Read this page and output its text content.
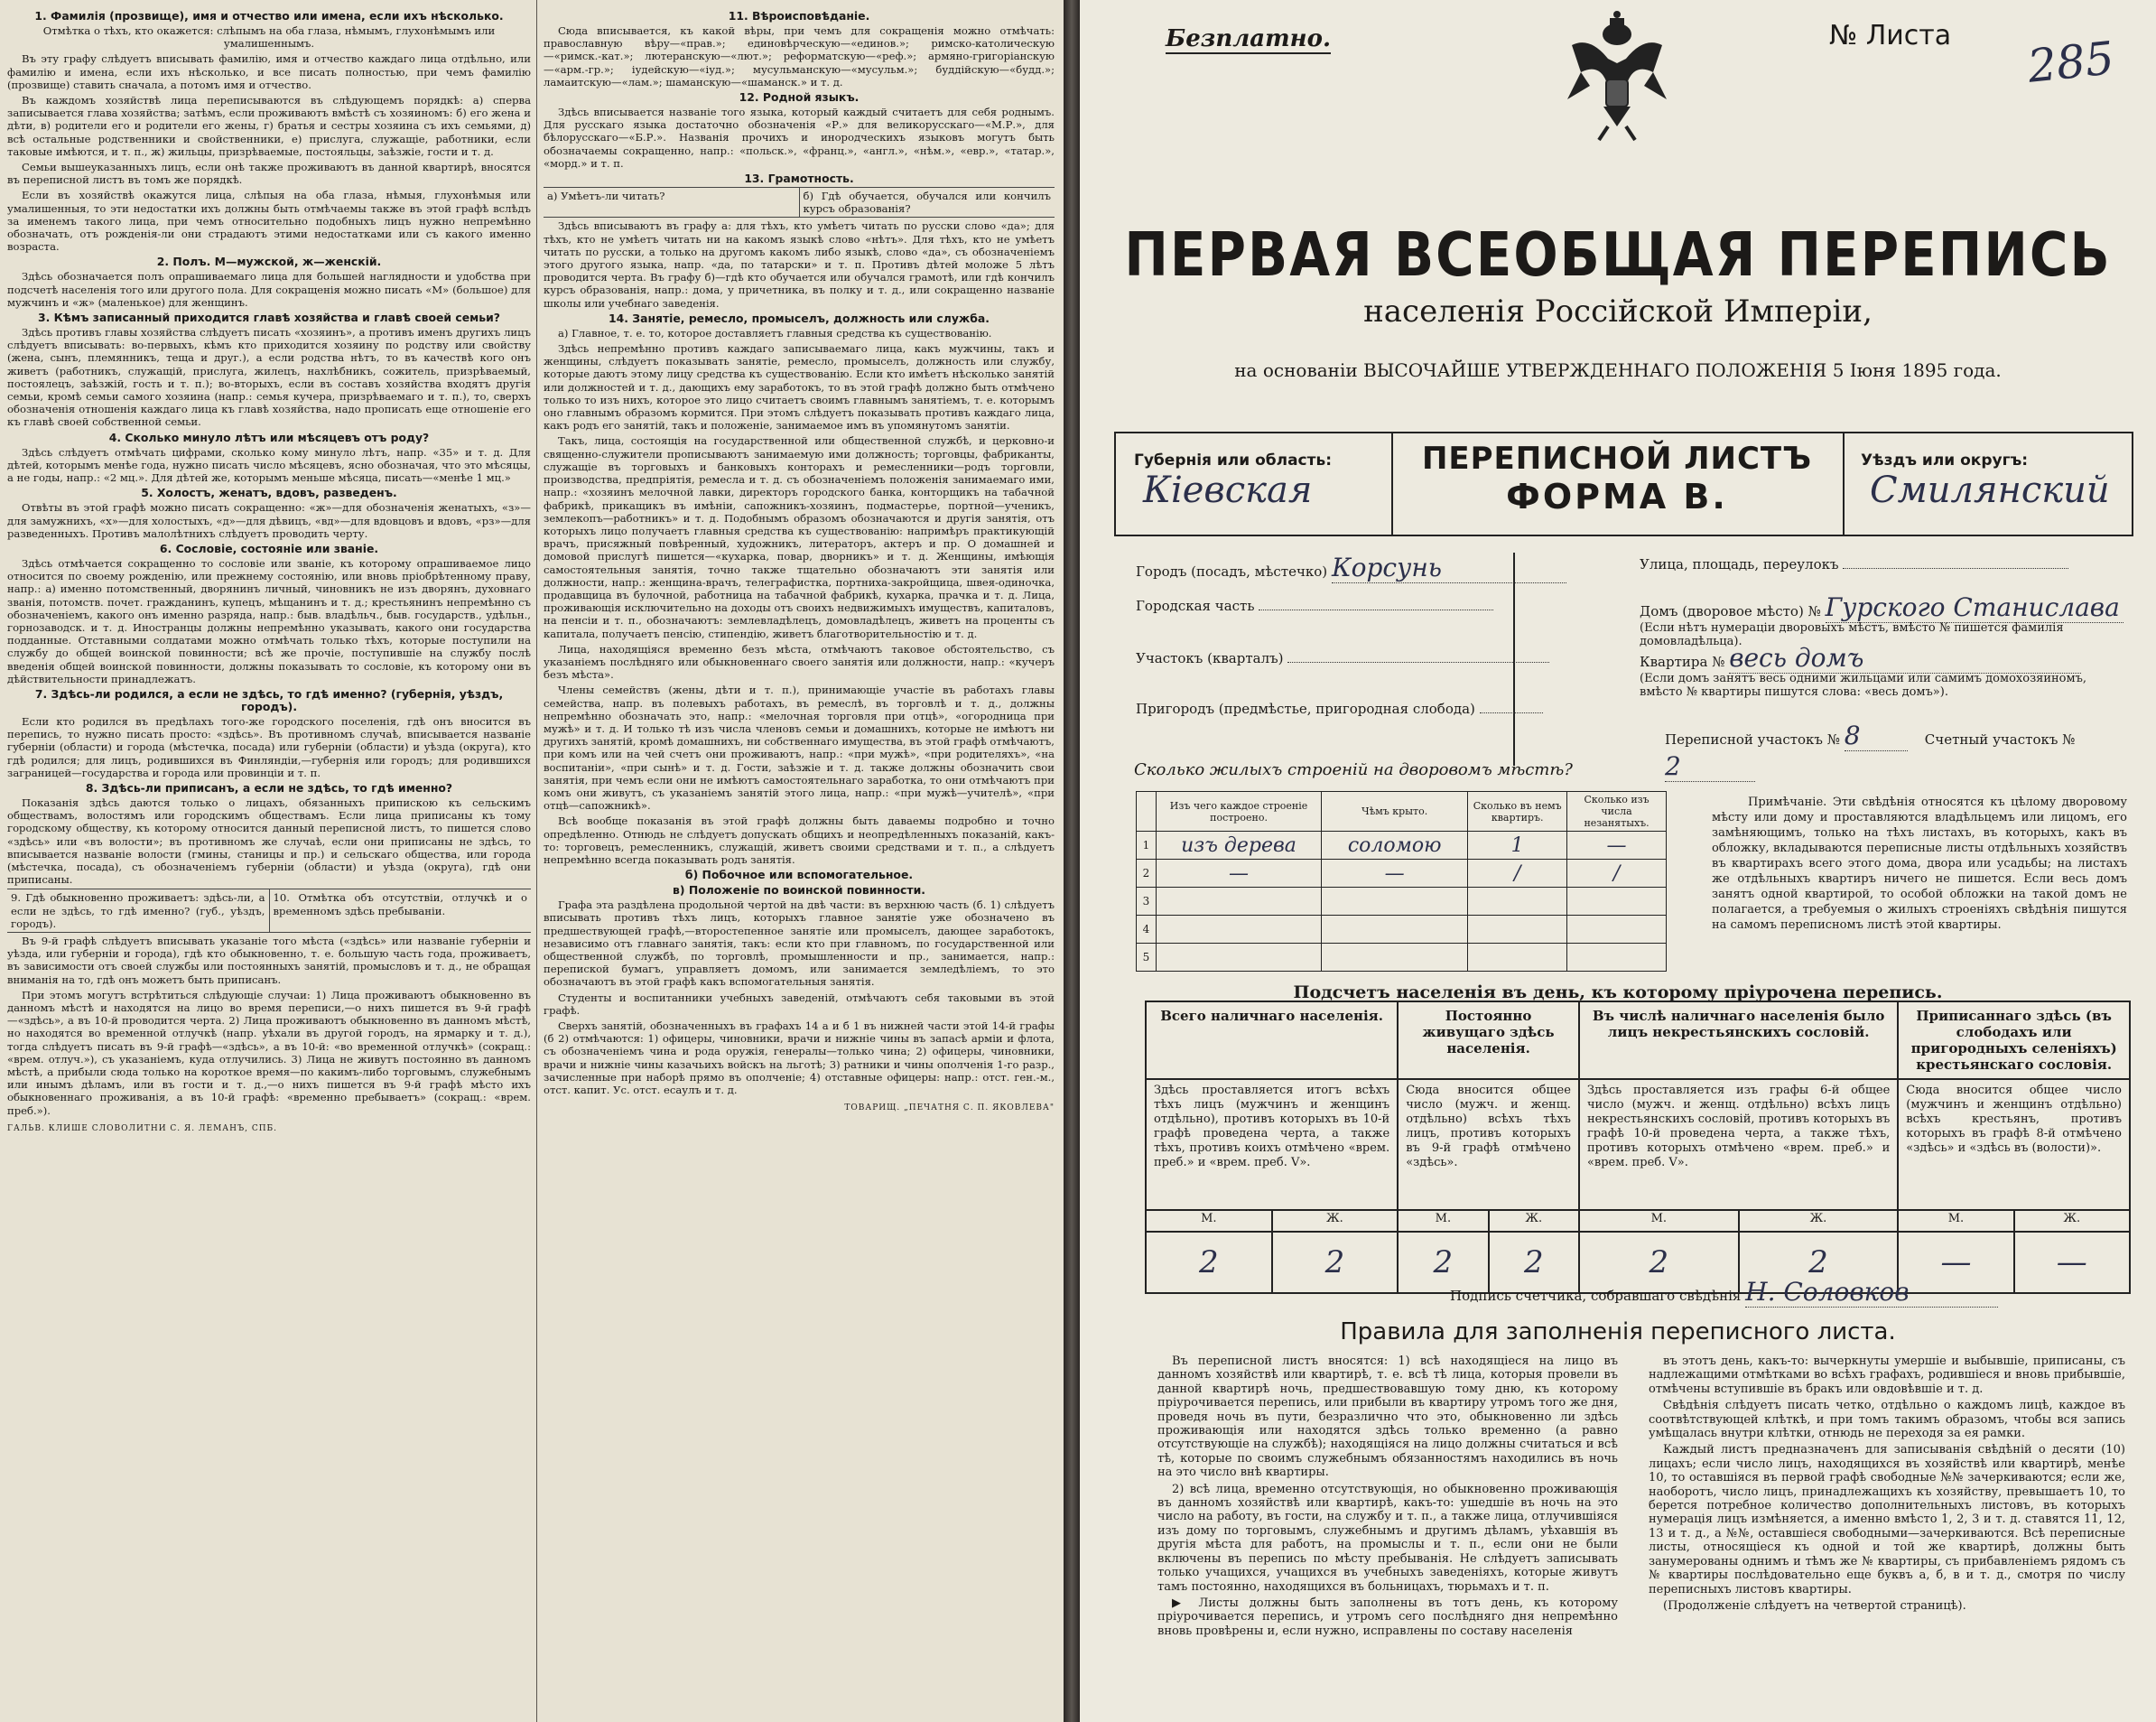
1. Фамилія (прозвище), имя и отчество или имена, если ихъ нѣсколько.
Отмѣтка о тѣхъ, кто окажется: слѣпымъ на оба глаза, нѣмымъ, глухонѣмымъ или умалишеннымъ.

Въ эту графу слѣдуетъ вписывать фамилію, имя и отчество каждаго лица отдѣльно, или фамилію и имена, если ихъ нѣсколько, и все писать полностью, при чемъ фамилію (прозвище) ставить сначала, а потомъ имя и отчество.

Въ каждомъ хозяйствѣ лица переписываются въ слѣдующемъ порядкѣ: а) сперва записывается глава хозяйства; затѣмъ, если проживаютъ вмѣстѣ съ хозяиномъ: б) его жена и дѣти, в) родители его и родители его жены, г) братья и сестры хозяина съ ихъ семьями, д) всѣ остальные родственники и свойственники, е) прислуга, служащіе, работники, если таковые имѣются, и т. п., ж) жильцы, призрѣваемые, постояльцы, заѣзжіе, гости и т. д.

Семьи вышеуказанныхъ лицъ, если онѣ также проживаютъ въ данной квартирѣ, вносятся въ переписной листъ въ томъ же порядкѣ.

Если въ хозяйствѣ окажутся лица, слѣпыя на оба глаза, нѣмыя, глухонѣмыя или умалишенныя, то эти недостатки ихъ должны быть отмѣчаемы также въ этой графѣ вслѣдъ за именемъ такого лица, при чемъ относительно подобныхъ лицъ нужно непремѣнно обозначать, отъ рожденія-ли они страдаютъ этими недостатками или съ какого именно возраста.

2. Полъ. М—мужской, ж—женскій.

Здѣсь обозначается полъ опрашиваемаго лица для большей наглядности и удобства при подсчетѣ населенія того или другого пола. Для сокращенія можно писать «М» (большое) для мужчинъ и «ж» (маленькое) для женщинъ.

3. Кѣмъ записанный приходится главѣ хозяйства и главѣ своей семьи?

Здѣсь противъ главы хозяйства слѣдуетъ писать «хозяинъ», а противъ именъ другихъ лицъ слѣдуетъ вписывать: во-первыхъ, кѣмъ кто приходится хозяину по родству или свойству (жена, сынъ, племянникъ, теща и друг.), а если родства нѣтъ, то въ качествѣ кого онъ живетъ (работникъ, служащій, прислуга, жилецъ, нахлѣбникъ, сожитель, призрѣваемый, постоялецъ, заѣзжій, гость и т. п.); во-вторыхъ, если въ составъ хозяйства входятъ другія семьи, кромѣ семьи самого хозяина (напр.: семья кучера, призрѣваемаго и т. п.), то, сверхъ обозначенія отношенія каждаго лица къ главѣ хозяйства, надо прописать еще отношеніе его къ главѣ своей собственной семьи.

4. Сколько минуло лѣтъ или мѣсяцевъ отъ роду?

Здѣсь слѣдуетъ отмѣчать цифрами, сколько кому минуло лѣтъ, напр. «35» и т. д. Для дѣтей, которымъ менѣе года, нужно писать число мѣсяцевъ, ясно обозначая, что это мѣсяцы, а не годы, напр.: «2 мц.». Для дѣтей же, которымъ меньше мѣсяца, писать—«менѣе 1 мц.»

5. Холостъ, женатъ, вдовъ, разведенъ.

Отвѣты въ этой графѣ можно писать сокращенно: «ж»—для обозначенія женатыхъ, «з»—для замужнихъ, «х»—для холостыхъ, «д»—для дѣвицъ, «вд»—для вдовцовъ и вдовъ, «рз»—для разведенныхъ. Противъ малолѣтнихъ слѣдуетъ проводить черту.

6. Сословіе, состояніе или званіе.

Здѣсь отмѣчается сокращенно то сословіе или званіе, къ которому опрашиваемое лицо относится по своему рожденію, или прежнему состоянію, или вновь пріобрѣтенному праву, напр.: а) именно потомственный, дворянинъ личный, чиновникъ не изъ дворянъ, духовнаго званія, потомств. почет. гражданинъ, купецъ, мѣщанинъ и т. д.; крестьянинъ непремѣнно съ обозначеніемъ, какого онъ именно разряда, напр.: быв. владѣльч., быв. государств., удѣльн., горнозаводск. и т. д. Иностранцы должны непремѣнно указывать, какого они государства подданные. Отставными солдатами можно отмѣчать только тѣхъ, которые поступили на службу до общей воинской повинности; всѣ же прочіе, поступившіе на службу послѣ введенія общей воинской повинности, должны показывать то сословіе, къ которому они въ дѣйствительности принадлежатъ.

7. Здѣсь-ли родился, а если не здѣсь, то гдѣ именно? (губернія, уѣздъ, городъ).

Если кто родился въ предѣлахъ того-же городского поселенія, гдѣ онъ вносится въ перепись, то нужно писать просто: «здѣсь». Въ противномъ случаѣ, вписывается названіе губерніи (области) и города (мѣстечка, посада) или губерніи (области) и уѣзда (округа), кто гдѣ родился; для лицъ, родившихся въ Финляндіи,—губернія или городъ; для родившихся заграницей—государства и города или провинціи и т. п.

8. Здѣсь-ли приписанъ, а если не здѣсь, то гдѣ именно?

Показанія здѣсь даются только о лицахъ, обязанныхъ припискою къ сельскимъ обществамъ, волостямъ или городскимъ обществамъ. Если лица приписаны къ тому городскому обществу, къ которому относится данный переписной листъ, то пишется слово «здѣсь» или «въ волости»; въ противномъ же случаѣ, если они приписаны не здѣсь, то вписывается названіе волости (гмины, станицы и пр.) и сельскаго общества, или города (мѣстечка, посада), съ обозначеніемъ губерніи (области) и уѣзда (округа), гдѣ они приписаны.

9. Гдѣ обыкновенно проживаетъ: здѣсь-ли, а если не здѣсь, то гдѣ именно? (губ., уѣздъ, городъ).
10. Отмѣтка объ отсутствіи, отлучкѣ и о временномъ здѣсь пребываніи.

Въ 9-й графѣ слѣдуетъ вписывать указаніе того мѣста («здѣсь» или названіе губерніи и уѣзда, или губерніи и города), гдѣ кто обыкновенно, т. е. большую часть года, проживаетъ, въ зависимости отъ своей службы или постоянныхъ занятій, промысловъ и т. д., не обращая вниманія на то, гдѣ онъ можетъ быть приписанъ.

При этомъ могутъ встрѣтиться слѣдующіе случаи: 1) Лица проживаютъ обыкновенно въ данномъ мѣстѣ и находятся на лицо во время переписи,—о нихъ пишется въ 9-й графѣ—«здѣсь», а въ 10-й проводится черта. 2) Лица проживаютъ обыкновенно въ данномъ мѣстѣ, но находятся во временной отлучкѣ (напр. уѣхали въ другой городъ, на ярмарку и т. д.), тогда слѣдуетъ писать въ 9-й графѣ—«здѣсь», а въ 10-й: «во временной отлучкѣ» (сокращ.: «врем. отлуч.»), съ указаніемъ, куда отлучились. 3) Лица не живутъ постоянно въ данномъ мѣстѣ, а прибыли сюда только на короткое время—по какимъ-либо торговымъ, служебнымъ или инымъ дѣламъ, или въ гости и т. д.,—о нихъ пишется въ 9-й графѣ мѣсто ихъ обыкновеннаго проживанія, а въ 10-й графѣ: «временно пребываетъ» (сокращ.: «врем. преб.»).

ГАЛЬВ. КЛИШЕ СЛОВОЛИТНИ С. Я. ЛЕМАНЪ, СПБ.
11. Вѣроисповѣданіе.

Сюда вписывается, къ какой вѣры, при чемъ для сокращенія можно отмѣчать: православную вѣру—«прав.»; единовѣрческую—«единов.»; римско-католическую—«римск.-кат.»; лютеранскую—«лют.»; реформатскую—«реф.»; армяно-григоріанскую—«арм.-гр.»; іудейскую—«іуд.»; мусульманскую—«мусульм.»; буддійскую—«будд.»; ламаитскую—«лам.»; шаманскую—«шаманск.» и т. д.

12. Родной языкъ.

Здѣсь вписывается названіе того языка, который каждый считаетъ для себя роднымъ. Для русскаго языка достаточно обозначенія «Р.» для великорусскаго—«М.Р.», для бѣлорусскаго—«Б.Р.». Названія прочихъ и инородческихъ языковъ могутъ быть обозначаемы сокращенно, напр.: «польск.», «франц.», «англ.», «нѣм.», «евр.», «татар.», «морд.» и т. п.

13. Грамотность.
а) Умѣетъ-ли читать?	б) Гдѣ обучается, обучался или кончилъ курсъ образованія?

Здѣсь вписываютъ въ графу а: для тѣхъ, кто умѣетъ читать по русски слово «да»; для тѣхъ, кто не умѣетъ читать ни на какомъ языкѣ слово «нѣтъ». Для тѣхъ, кто не умѣетъ читать по русски, а только на другомъ какомъ либо языкѣ, слово «да», съ обозначеніемъ этого другого языка, напр. «да, по татарски» и т. п. Противъ дѣтей моложе 5 лѣтъ проводится черта. Въ графу б)—гдѣ кто обучается или обучался грамотѣ, или гдѣ кончилъ курсъ образованія, напр.: дома, у причетника, въ полку и т. д., или сокращенно названіе школы или учебнаго заведенія.

14. Занятіе, ремесло, промыселъ, должность или служба.

а) Главное, т. е. то, которое доставляетъ главныя средства къ существованію.

Здѣсь непремѣнно противъ каждаго записываемаго лица, какъ мужчины, такъ и женщины, слѣдуетъ показывать занятіе, ремесло, промыселъ, должность или службу, которые даютъ этому лицу средства къ существованію. Если кто имѣетъ нѣсколько занятій или должностей и т. д., дающихъ ему заработокъ, то въ этой графѣ должно быть отмѣчено только то изъ нихъ, которое это лицо считаетъ своимъ главнымъ занятіемъ, т. е. которымъ оно главнымъ образомъ кормится. При этомъ слѣдуетъ показывать противъ каждаго лица, какъ родъ его занятій, такъ и положеніе, занимаемое имъ въ упомянутомъ занятіи.

Такъ, лица, состоящія на государственной или общественной службѣ, и церковно-и священно-служители прописываютъ занимаемую ими должность; торговцы, фабриканты, служащіе въ торговыхъ и банковыхъ конторахъ и ремесленники—родъ торговли, производства, предпріятія, ремесла и т. д. съ обозначеніемъ положенія занимаемаго ими, напр.: «хозяинъ мелочной лавки, директоръ городского банка, конторщикъ на табачной фабрикѣ, прикащикъ въ имѣніи, сапожникъ-хозяинъ, подмастерье, портной—ученикъ, землекопъ—работникъ» и т. д. Подобнымъ образомъ обозначаются и другія занятія, отъ которыхъ лицо получаетъ главныя средства къ существованію: напримѣръ практикующій врачъ, присяжный повѣренный, художникъ, литераторъ, актеръ и пр. О домашней и домовой прислугѣ пишется—«кухарка, повар, дворникъ» и т. д. Женщины, имѣющія самостоятельныя занятія, точно также тщательно обозначаютъ эти занятія или должности, напр.: женщина-врачъ, телеграфистка, портниха-закройщица, швея-одиночка, продавщица въ булочной, работница на табачной фабрикѣ, кухарка, прачка и т. д. Лица, проживающія исключительно на доходы отъ своихъ недвижимыхъ имуществъ, капиталовъ, на пенсіи и т. п., обозначаютъ: землевладѣлецъ, домовладѣлецъ, живетъ на проценты съ капитала, получаетъ пенсію, стипендію, живетъ благотворительностію и т. д.

Лица, находящіяся временно безъ мѣста, отмѣчаютъ таковое обстоятельство, съ указаніемъ послѣдняго или обыкновеннаго своего занятія или должности, напр.: «кучеръ безъ мѣста».

Члены семействъ (жены, дѣти и т. п.), принимающіе участіе въ работахъ главы семейства, напр. въ полевыхъ работахъ, въ ремеслѣ, въ торговлѣ и т. д., должны непремѣнно обозначать это, напр.: «мелочная торговля при отцѣ», «огородница при мужѣ» и т. д. И только тѣ изъ числа членовъ семьи и домашнихъ, которые не имѣютъ ни другихъ занятій, кромѣ домашнихъ, ни собственнаго имущества, въ этой графѣ отмѣчаютъ, при комъ или на чей счетъ они проживаютъ, напр.: «при мужѣ», «при родителяхъ», «на воспитаніи», «при сынѣ» и т. д. Гости, заѣзжіе и т. д. также должны обозначить свои занятія, при чемъ если они не имѣютъ самостоятельнаго заработка, то они отмѣчаютъ при комъ они живутъ, съ указаніемъ занятій этого лица, напр.: «при мужѣ—учителѣ», «при отцѣ—сапожникѣ».

Всѣ вообще показанія въ этой графѣ должны быть даваемы подробно и точно опредѣленно. Отнюдь не слѣдуетъ допускать общихъ и неопредѣленныхъ показаній, какъ-то: торговецъ, ремесленникъ, служащій, живетъ своими средствами и т. п., а слѣдуетъ непремѣнно всегда показывать родъ занятія.

б) Побочное или вспомогательное.
в) Положеніе по воинской повинности.

Графа эта раздѣлена продольной чертой на двѣ части: въ верхнюю часть (б. 1) слѣдуетъ вписывать противъ тѣхъ лицъ, которыхъ главное занятіе уже обозначено въ предшествующей графѣ,—второстепенное занятіе или промыселъ, дающее заработокъ, независимо отъ главнаго занятія, такъ: если кто при главномъ, по государственной или общественной службѣ, по торговлѣ, промышленности и пр., занимается, напр.: перепиской бумагъ, управляетъ домомъ, или занимается земледѣліемъ, то это обозначаютъ въ этой графѣ какъ вспомогательныя занятія.

Студенты и воспитанники учебныхъ заведеній, отмѣчаютъ себя таковыми въ этой графѣ.

Сверхъ занятій, обозначенныхъ въ графахъ 14 а и б 1 въ нижней части этой 14-й графы (б 2) отмѣчаются: 1) офицеры, чиновники, врачи и нижніе чины въ запасѣ арміи и флота, съ обозначеніемъ чина и рода оружія, генералы—только чина; 2) офицеры, чиновники, врачи и нижніе чины казачьихъ войскъ на льготѣ; 3) ратники и чины ополченія 1-го разр., зачисленные при наборѣ прямо въ ополченіе; 4) отставные офицеры: напр.: отст. ген.-м., отст. капит. Ус. отст. есаулъ и т. д.

ТОВАРИЩ. „ПЕЧАТНЯ С. П. ЯКОВЛЕВА"
Безплатно.	№ Листа 285
ПЕРВАЯ ВСЕОБЩАЯ ПЕРЕПИСЬ
населенія Россійской Имперіи,
на основаніи ВЫСОЧАЙШЕ УТВЕРЖДЕННАГО ПОЛОЖЕНІЯ 5 Іюня 1895 года.
Губернія или область:
Кіевская
ПЕРЕПИСНОЙ ЛИСТЪ
ФОРМА В.
Уѣздъ или округъ:
Смилянский
Городъ (посадъ, мѣстечко) Корсунь	Улица, площадь, переулокъ
Городская часть	Домъ (дворовое мѣсто) № Гурского Станислава
(Если нѣтъ нумераціи дворовыхъ мѣстъ, вмѣсто № пишется фамилія домовладѣльца).
Участокъ (кварталъ)	Квартира № весь домъ
(Если домъ занятъ весь одними жильцами или самимъ домохозяиномъ, вмѣсто № квартиры пишутся слова: «весь домъ»).
Пригородъ (предмѣстье, пригородная слобода)
Переписной участокъ № 8	Счетный участокъ № 2
Сколько жилыхъ строеній на дворовомъ мѣстѣ?
	Изъ чего каждое строеніе построено.	Чѣмъ крыто.	Сколько въ немъ квартиръ.	Сколько изъ числа незанятыхъ.
1	изъ дерева	соломою	1	—
2	—	—	/	/
3				
4				
5				
Примѣчаніе. Эти свѣдѣнія относятся къ цѣлому дворовому мѣсту или дому и проставляются владѣльцемъ или лицомъ, его замѣняющимъ, только на тѣхъ листахъ, въ которыхъ, какъ въ обложку, вкладываются переписные листы отдѣльныхъ хозяйствъ въ квартирахъ всего этого дома, двора или усадьбы; на листахъ же отдѣльныхъ квартиръ ничего не пишется. Если весь домъ занятъ одной квартирой, то особой обложки на такой домъ не полагается, а требуемыя о жилыхъ строеніяхъ свѣдѣнія пишутся на самомъ переписномъ листѣ этой квартиры.
Подсчетъ населенія въ день, къ которому пріурочена перепись.
Всего наличнаго населенія.		Постоянно живущаго здѣсь населенія.		Въ числѣ наличнаго населенія было лицъ некрестьянскихъ сословій.		Приписаннаго здѣсь (въ слободахъ или пригородныхъ селеніяхъ) крестьянскаго сословія.	
Здѣсь проставляется итогъ всѣхъ тѣхъ лицъ (мужчинъ и женщинъ отдѣльно), противъ которыхъ въ 10-й графѣ проведена черта, а также тѣхъ, противъ коихъ отмѣчено «врем. преб.» и «врем. преб. V».		Сюда вносится общее число (мужч. и женщ. отдѣльно) всѣхъ тѣхъ лицъ, противъ которыхъ въ 9-й графѣ отмѣчено «здѣсь».		Здѣсь проставляется изъ графы 6-й общее число (мужч. и женщ. отдѣльно) всѣхъ лицъ некрестьянскихъ сословій, противъ которыхъ въ графѣ 10-й проведена черта, а также тѣхъ, противъ которыхъ отмѣчено «врем. преб.» и «врем. преб. V».		Сюда вносится общее число (мужчинъ и женщинъ отдѣльно) всѣхъ крестьянъ, противъ которыхъ въ графѣ 8-й отмѣчено «здѣсь» и «здѣсь въ (волости)».	
М.	Ж.	М.	Ж.	М.	Ж.	М.	Ж.
2	2	2	2	2	2	—	—
Подпись счетчика, собравшаго свѣдѣнія Н. Соловков
Правила для заполненія переписного листа.

Въ переписной листъ вносятся: 1) всѣ находящіеся на лицо въ данномъ хозяйствѣ или квартирѣ, т. е. всѣ тѣ лица, которыя провели въ данной квартирѣ ночь, предшествовавшую тому дню, къ которому пріурочивается перепись, или прибыли въ квартиру утромъ того же дня, проведя ночь въ пути, безразлично что это, обыкновенно ли здѣсь проживающія или находятся здѣсь только временно (а равно отсутствующіе на службѣ); находящіяся на лицо должны считаться и всѣ тѣ, которые по своимъ служебнымъ обязанностямъ находились въ ночь на это число внѣ квартиры.

2) всѣ лица, временно отсутствующія, но обыкновенно проживающія въ данномъ хозяйствѣ или квартирѣ, какъ-то: ушедшіе въ ночь на это число на работу, въ гости, на службу и т. п., а также лица, отлучившіяся изъ дому по торговымъ, служебнымъ и другимъ дѣламъ, уѣхавшія въ другія мѣста для работъ, на промыслы и т. п., если они не были включены въ перепись по мѣсту пребыванія. Не слѣдуетъ записывать только учащихся, учащихся въ учебныхъ заведеніяхъ, которые живутъ тамъ постоянно, находящихся въ больницахъ, тюрьмахъ и т. п.

▶ Листы должны быть заполнены въ тотъ день, къ которому пріурочивается перепись, и утромъ сего послѣдняго дня непремѣнно вновь провѣрены и, если нужно, исправлены по составу населенія

въ этотъ день, какъ-то: вычеркнуты умершіе и выбывшіе, приписаны, съ надлежащими отмѣтками во всѣхъ графахъ, родившіеся и вновь прибывшіе, отмѣчены вступившіе въ бракъ или овдовѣвшіе и т. д.

Свѣдѣнія слѣдуетъ писать четко, отдѣльно о каждомъ лицѣ, каждое въ соотвѣтствующей клѣткѣ, и при томъ такимъ образомъ, чтобы вся запись умѣщалась внутри клѣтки, отнюдь не переходя за ея рамки.

Каждый листъ предназначенъ для записыванія свѣдѣній о десяти (10) лицахъ; если число лицъ, находящихся въ хозяйствѣ или квартирѣ, менѣе 10, то оставшіяся въ первой графѣ свободные №№ зачеркиваются; если же, наоборотъ, число лицъ, принадлежащихъ къ хозяйству, превышаетъ 10, то берется потребное количество дополнительныхъ листовъ, въ которыхъ нумерація лицъ измѣняется, а именно вмѣсто 1, 2, 3 и т. д. ставятся 11, 12, 13 и т. д., а №№, оставшіеся свободными—зачеркиваются. Всѣ переписные листы, относящіеся къ одной и той же квартирѣ, должны быть занумерованы однимъ и тѣмъ же № квартиры, съ прибавленіемъ рядомъ съ № квартиры послѣдовательно еще буквъ а, б, в и т. д., смотря по числу переписныхъ листовъ квартиры.

(Продолженіе слѣдуетъ на четвертой страницѣ).
